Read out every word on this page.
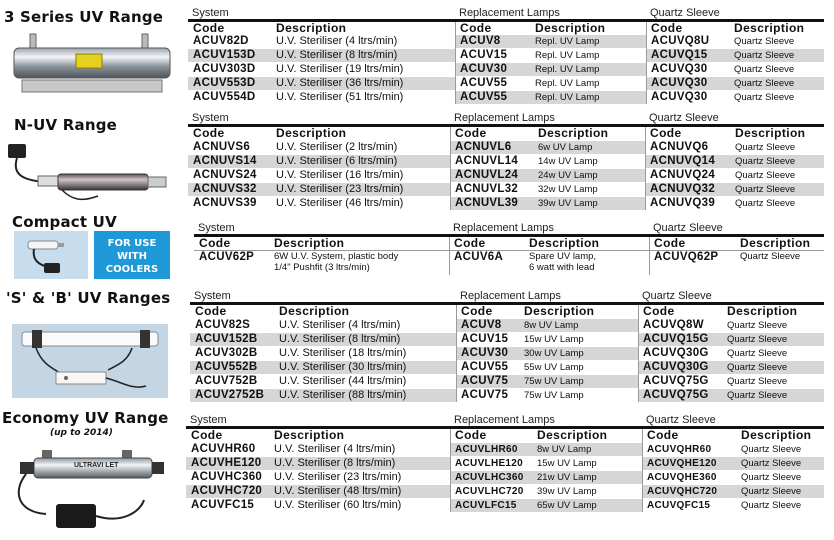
3 Series UV Range
N-UV Range
Compact UV
FOR USE
WITH
COOLERS
'S' & 'B' UV Ranges
Economy UV Range
(up to 2014)
ULTRAVI LET
System	Replacement Lamps	Quartz Sleeve
Code	Description	Code	Description	Code	Description
ACUV82D	U.V. Steriliser (4 ltrs/min)	ACUV8	Repl. UV Lamp	ACUVQ8U	Quartz Sleeve
ACUV153D	U.V. Steriliser (8 ltrs/min)	ACUV15	Repl. UV Lamp	ACUVQ15	Quartz Sleeve
ACUV303D	U.V. Steriliser (19 ltrs/min)	ACUV30	Repl. UV Lamp	ACUVQ30	Quartz Sleeve
ACUV553D	U.V. Steriliser (36 ltrs/min)	ACUV55	Repl. UV Lamp	ACUVQ30	Quartz Sleeve
ACUV554D	U.V. Steriliser (51 ltrs/min)	ACUV55	Repl. UV Lamp	ACUVQ30	Quartz Sleeve
System	Replacement Lamps	Quartz Sleeve
Code	Description	Code	Description	Code	Description
ACNUVS6	U.V. Steriliser (2 ltrs/min)	ACNUVL6	6w UV Lamp	ACNUVQ6	Quartz Sleeve
ACNUVS14	U.V. Steriliser (6 ltrs/min)	ACNUVL14	14w UV Lamp	ACNUVQ14	Quartz Sleeve
ACNUVS24	U.V. Steriliser (16 ltrs/min)	ACNUVL24	24w UV Lamp	ACNUVQ24	Quartz Sleeve
ACNUVS32	U.V. Steriliser (23 ltrs/min)	ACNUVL32	32w UV Lamp	ACNUVQ32	Quartz Sleeve
ACNUVS39	U.V. Steriliser (46 ltrs/min)	ACNUVL39	39w UV Lamp	ACNUVQ39	Quartz Sleeve
System	Replacement Lamps	Quartz Sleeve
Code	Description	Code	Description	Code	Description
ACUV62P	6W U.V. System, plastic body	ACUV6A	Spare UV lamp,	ACUVQ62P	Quartz Sleeve
1/4" Pushfit (3 ltrs/min)	6 watt with lead
System	Replacement Lamps	Quartz Sleeve
Code	Description	Code	Description	Code	Description
ACUV82S	U.V. Steriliser (4 ltrs/min)	ACUV8	8w UV Lamp	ACUVQ8W	Quartz Sleeve
ACUV152B	U.V. Steriliser (8 ltrs/min)	ACUV15	15w UV Lamp	ACUVQ15G	Quartz Sleeve
ACUV302B	U.V. Steriliser (18 ltrs/min)	ACUV30	30w UV Lamp	ACUVQ30G	Quartz Sleeve
ACUV552B	U.V. Steriliser (30 ltrs/min)	ACUV55	55w UV Lamp	ACUVQ30G	Quartz Sleeve
ACUV752B	U.V. Steriliser (44 ltrs/min)	ACUV75	75w UV Lamp	ACUVQ75G	Quartz Sleeve
ACUV2752B	U.V. Steriliser (88 ltrs/min)	ACUV75	75w UV Lamp	ACUVQ75G	Quartz Sleeve
System	Replacement Lamps	Quartz Sleeve
Code	Description	Code	Description	Code	Description
ACUVHR60	U.V. Steriliser (4 ltrs/min)	ACUVLHR60	8w UV Lamp	ACUVQHR60	Quartz Sleeve
ACUVHE120	U.V. Steriliser (8 ltrs/min)	ACUVLHE120	15w UV Lamp	ACUVQHE120	Quartz Sleeve
ACUVHC360	U.V. Steriliser (23 ltrs/min)	ACUVLHC360	21w UV Lamp	ACUVQHE360	Quartz Sleeve
ACUVHC720	U.V. Steriliser (48 ltrs/min)	ACUVLHC720	39w UV Lamp	ACUVQHC720	Quartz Sleeve
ACUVFC15	U.V. Steriliser (60 ltrs/min)	ACUVLFC15	65w UV Lamp	ACUVQFC15	Quartz Sleeve
